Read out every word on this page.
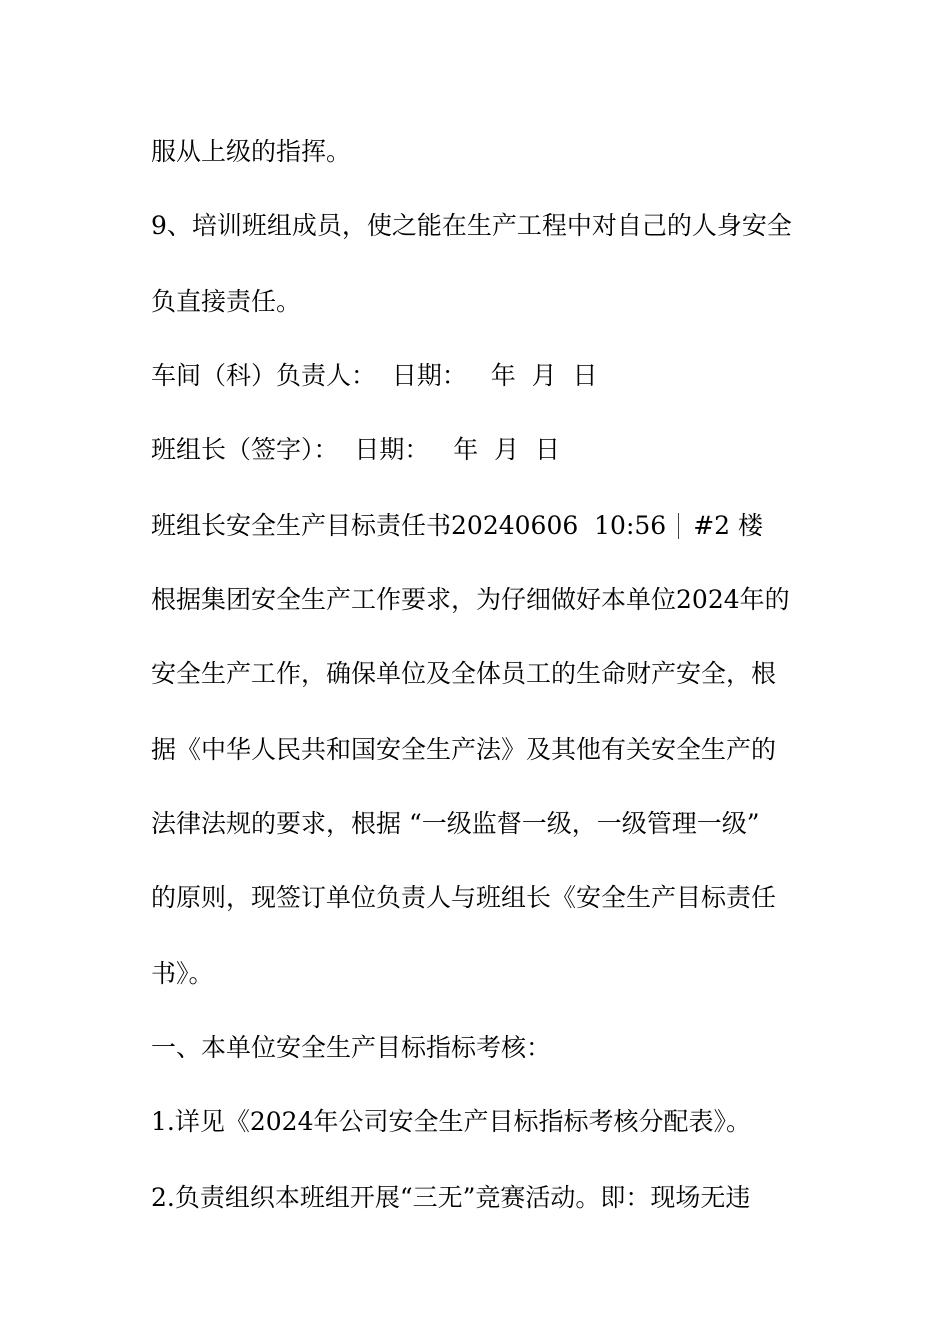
服从上级的指挥。
9、培训班组成员，使之能在生产工程中对自己的人身安全
负直接责任。
车间（科）负责人：  日期：   年  月  日
班组长（签字）：  日期：   年  月  日
班组长安全生产目标责任书20240606  10:56 #2 楼
根据集团安全生产工作要求，为仔细做好本单位2024年的
安全生产工作，确保单位及全体员工的生命财产安全，根
据《中华人民共和国安全生产法》及其他有关安全生产的
法律法规的要求，根据 “一级监督一级，一级管理一级”
的原则，现签订单位负责人与班组长《安全生产目标责任
书》。
一、本单位安全生产目标指标考核：
1.详见《2024年公司安全生产目标指标考核分配表》。
2.负责组织本班组开展“三无”竞赛活动。即：现场无违
